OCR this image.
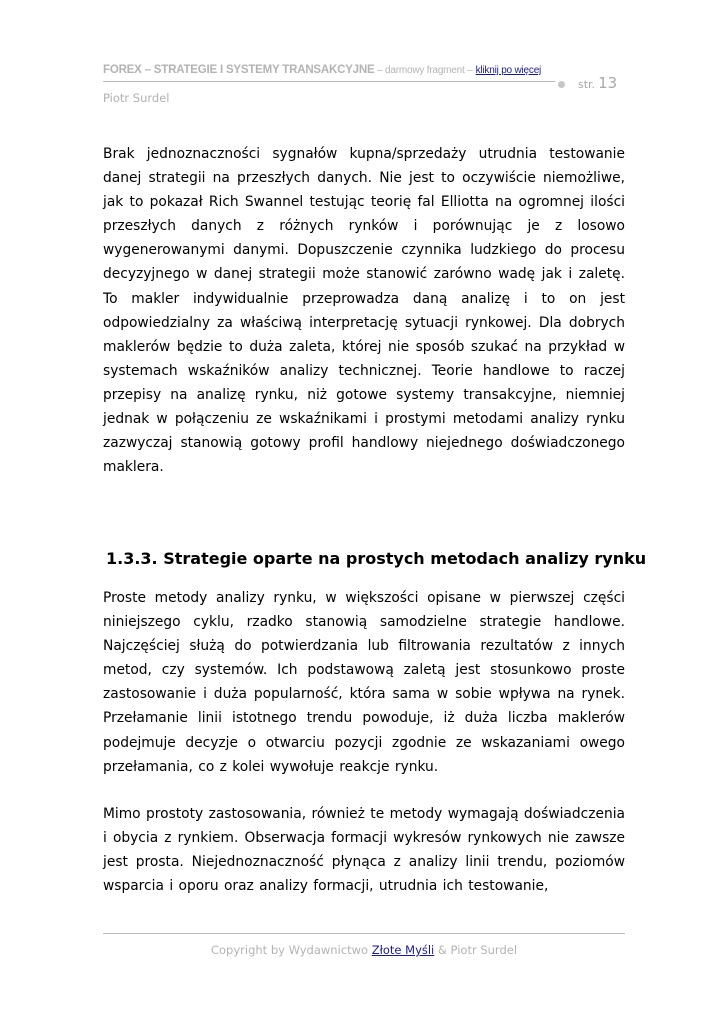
FOREX – STRATEGIE I SYSTEMY TRANSAKCYJNE – darmowy fragment – kliknij po więcej
str. 13
Piotr Surdel

Brak jednoznaczności sygnałów kupna/sprzedaży utrudnia testowanie danej strategii na przeszłych danych. Nie jest to oczywiście niemożliwe, jak to pokazał Rich Swannel testując teorię fal Elliotta na ogromnej ilości przeszłych danych z różnych rynków i porównując je z losowo wygenerowanymi danymi. Dopuszczenie czynnika ludzkiego do procesu decyzyjnego w danej strategii może stanowić zarówno wadę jak i zaletę. To makler indywidualnie przeprowadza daną analizę i to on jest odpowiedzialny za właściwą interpretację sytuacji rynkowej. Dla dobrych maklerów będzie to duża zaleta, której nie sposób szukać na przykład w systemach wskaźników analizy technicznej. Teorie handlowe to raczej przepisy na analizę rynku, niż gotowe systemy transakcyjne, niemniej jednak w połączeniu ze wskaźnikami i prostymi metodami analizy rynku zazwyczaj stanowią gotowy profil handlowy niejednego doświadczonego maklera.

1.3.3. Strategie oparte na prostych metodach analizy rynku

Proste metody analizy rynku, w większości opisane w pierwszej części niniejszego cyklu, rzadko stanowią samodzielne strategie handlowe. Najczęściej służą do potwierdzania lub filtrowania rezultatów z innych metod, czy systemów. Ich podstawową zaletą jest stosunkowo proste zastosowanie i duża popularność, która sama w sobie wpływa na rynek. Przełamanie linii istotnego trendu powoduje, iż duża liczba maklerów podejmuje decyzje o otwarciu pozycji zgodnie ze wskazaniami owego przełamania, co z kolei wywołuje reakcje rynku.

Mimo prostoty zastosowania, również te metody wymagają doświadczenia i obycia z rynkiem. Obserwacja formacji wykresów rynkowych nie zawsze jest prosta. Niejednoznaczność płynąca z analizy linii trendu, poziomów wsparcia i oporu oraz analizy formacji, utrudnia ich testowanie,

Copyright by Wydawnictwo Złote Myśli & Piotr Surdel
